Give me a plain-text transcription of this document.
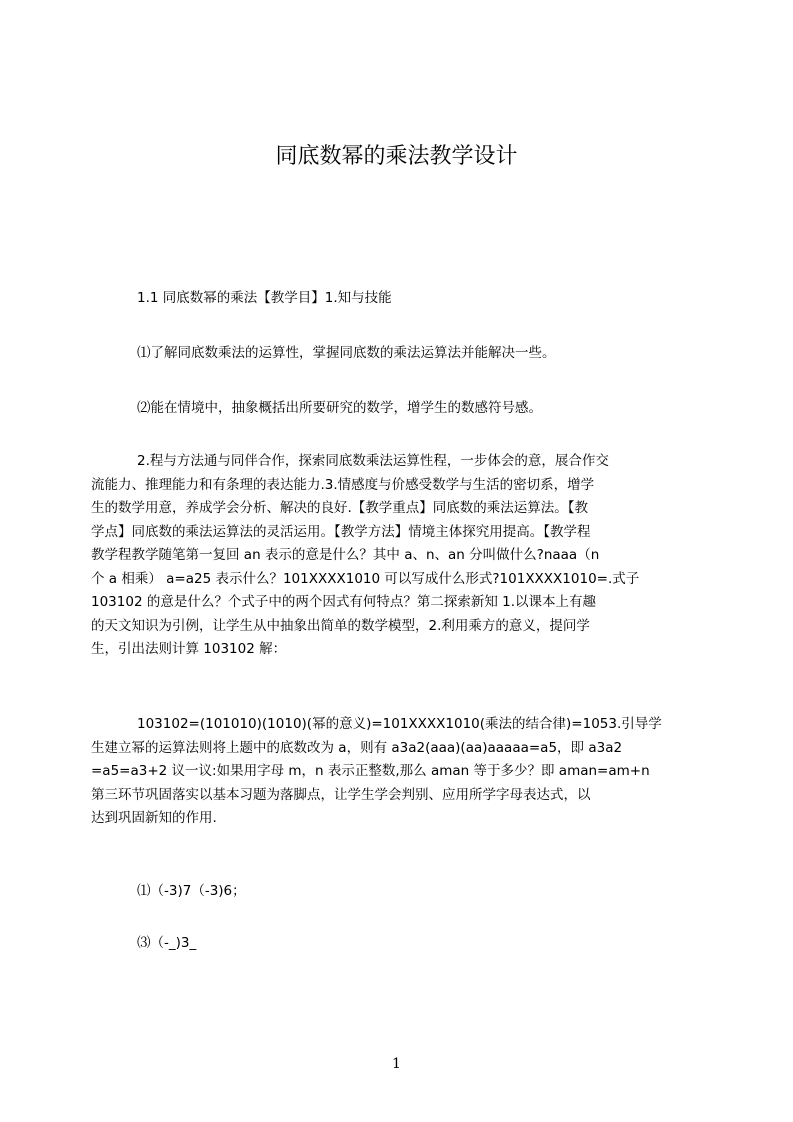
同底数幂的乘法教学设计
1.1 同底数幂的乘法【教学目】1.知与技能
⑴了解同底数乘法的运算性，掌握同底数的乘法运算法并能解决一些。
⑵能在情境中，抽象概括出所要研究的数学，增学生的数感符号感。
2.程与方法通与同伴合作，探索同底数乘法运算性程，一步体会的意，展合作交
流能力、推理能力和有条理的表达能力.3.情感度与价感受数学与生活的密切系，增学
生的数学用意，养成学会分析、解决的良好.【教学重点】同底数的乘法运算法。【教
学点】同底数的乘法运算法的灵活运用。【教学方法】情境主体探究用提高。【教学程
教学程教学随笔第一复回 an 表示的意是什么？其中 a、n、an 分叫做什么?naaa（n
个 a 相乘） a=a25 表示什么？101XXXX1010 可以写成什么形式?101XXXX1010=.式子
103102 的意是什么？个式子中的两个因式有何特点？第二探索新知 1.以课本上有趣
的天文知识为引例，让学生从中抽象出简单的数学模型，2.利用乘方的意义，提问学
生，引出法则计算 103102 解：
103102=(101010)(1010)(幂的意义)=101XXXX1010(乘法的结合律)=1053.引导学
生建立幂的运算法则将上题中的底数改为 a，则有 a3a2(aaa)(aa)aaaaa=a5，即 a3a2
=a5=a3+2 议一议:如果用字母 m，n 表示正整数,那么 aman 等于多少？即 aman=am+n
第三环节巩固落实以基本习题为落脚点，让学生学会判别、应用所学字母表达式，以
达到巩固新知的作用.
⑴（-3)7（-3)6；
⑶（-_)3_
1
